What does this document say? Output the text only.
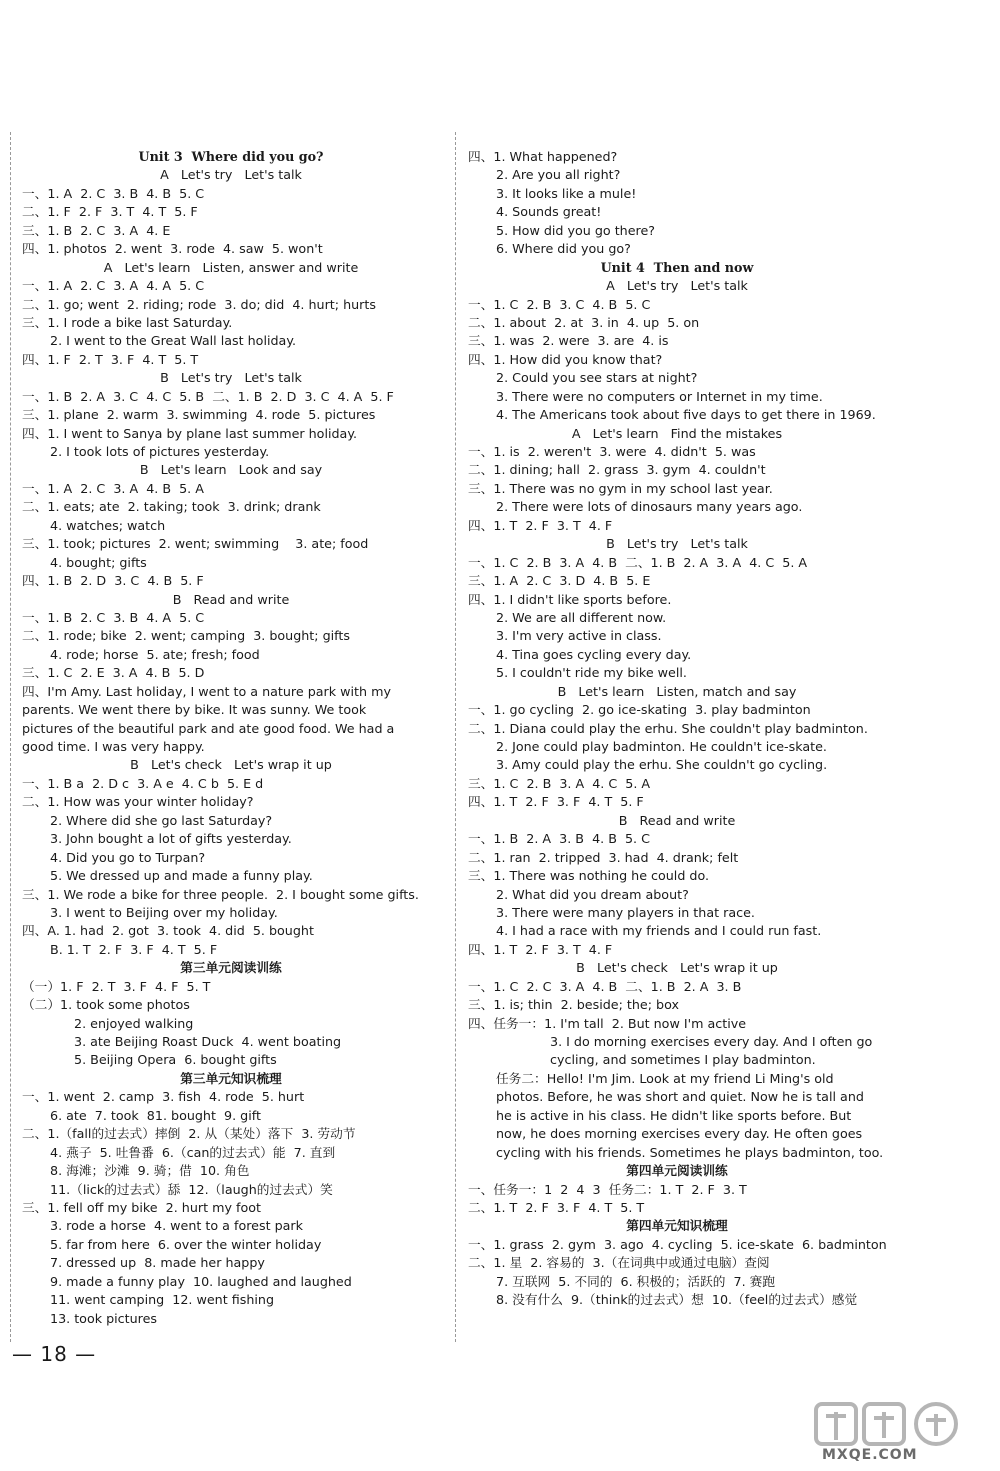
Unit 3  Where did you go?
A   Let's try   Let's talk
一、1. A  2. C  3. B  4. B  5. C
二、1. F  2. F  3. T  4. T  5. F
三、1. B  2. C  3. A  4. E
四、1. photos  2. went  3. rode  4. saw  5. won't
A   Let's learn   Listen, answer and write
一、1. A  2. C  3. A  4. A  5. C
二、1. go; went  2. riding; rode  3. do; did  4. hurt; hurts
三、1. I rode a bike last Saturday.
2. I went to the Great Wall last holiday.
四、1. F  2. T  3. F  4. T  5. T
B   Let's try   Let's talk
一、1. B  2. A  3. C  4. C  5. B  二、1. B  2. D  3. C  4. A  5. F
三、1. plane  2. warm  3. swimming  4. rode  5. pictures
四、1. I went to Sanya by plane last summer holiday.
2. I took lots of pictures yesterday.
B   Let's learn   Look and say
一、1. A  2. C  3. A  4. B  5. A
二、1. eats; ate  2. taking; took  3. drink; drank
4. watches; watch
三、1. took; pictures  2. went; swimming    3. ate; food
4. bought; gifts
四、1. B  2. D  3. C  4. B  5. F
B   Read and write
一、1. B  2. C  3. B  4. A  5. C
二、1. rode; bike  2. went; camping  3. bought; gifts
4. rode; horse  5. ate; fresh; food
三、1. C  2. E  3. A  4. B  5. D
四、I'm Amy. Last holiday, I went to a nature park with my
parents. We went there by bike. It was sunny. We took
pictures of the beautiful park and ate good food. We had a
good time. I was very happy.
B   Let's check   Let's wrap it up
一、1. B a  2. D c  3. A e  4. C b  5. E d
二、1. How was your winter holiday?
2. Where did she go last Saturday?
3. John bought a lot of gifts yesterday.
4. Did you go to Turpan?
5. We dressed up and made a funny play.
三、1. We rode a bike for three people.  2. I bought some gifts.
3. I went to Beijing over my holiday.
四、A. 1. had  2. got  3. took  4. did  5. bought
B. 1. T  2. F  3. F  4. T  5. F
第三单元阅读训练
（一）1. F  2. T  3. F  4. F  5. T
（二）1. took some photos
2. enjoyed walking
3. ate Beijing Roast Duck  4. went boating
5. Beijing Opera  6. bought gifts
第三单元知识梳理
一、1. went  2. camp  3. fish  4. rode  5. hurt
6. ate  7. took  81. bought  9. gift
二、1.（fall的过去式）摔倒  2. 从（某处）落下  3. 劳动节
4. 燕子  5. 吐鲁番  6.（can的过去式）能  7. 直到
8. 海滩；沙滩  9. 骑；借  10. 角色
11.（lick的过去式）舔  12.（laugh的过去式）笑
三、1. fell off my bike  2. hurt my foot
3. rode a horse  4. went to a forest park
5. far from here  6. over the winter holiday
7. dressed up  8. made her happy
9. made a funny play  10. laughed and laughed
11. went camping  12. went fishing
13. took pictures
四、1. What happened?
2. Are you all right?
3. It looks like a mule!
4. Sounds great!
5. How did you go there?
6. Where did you go?
Unit 4  Then and now
A   Let's try   Let's talk
一、1. C  2. B  3. C  4. B  5. C
二、1. about  2. at  3. in  4. up  5. on
三、1. was  2. were  3. are  4. is
四、1. How did you know that?
2. Could you see stars at night?
3. There were no computers or Internet in my time.
4. The Americans took about five days to get there in 1969.
A   Let's learn   Find the mistakes
一、1. is  2. weren't  3. were  4. didn't  5. was
二、1. dining; hall  2. grass  3. gym  4. couldn't
三、1. There was no gym in my school last year.
2. There were lots of dinosaurs many years ago.
四、1. T  2. F  3. T  4. F
B   Let's try   Let's talk
一、1. C  2. B  3. A  4. B  二、1. B  2. A  3. A  4. C  5. A
三、1. A  2. C  3. D  4. B  5. E
四、1. I didn't like sports before.
2. We are all different now.
3. I'm very active in class.
4. Tina goes cycling every day.
5. I couldn't ride my bike well.
B   Let's learn   Listen, match and say
一、1. go cycling  2. go ice-skating  3. play badminton
二、1. Diana could play the erhu. She couldn't play badminton.
2. Jone could play badminton. He couldn't ice-skate.
3. Amy could play the erhu. She couldn't go cycling.
三、1. C  2. B  3. A  4. C  5. A
四、1. T  2. F  3. F  4. T  5. F
B   Read and write
一、1. B  2. A  3. B  4. B  5. C
二、1. ran  2. tripped  3. had  4. drank; felt
三、1. There was nothing he could do.
2. What did you dream about?
3. There were many players in that race.
4. I had a race with my friends and I could run fast.
四、1. T  2. F  3. T  4. F
B   Let's check   Let's wrap it up
一、1. C  2. C  3. A  4. B  二、1. B  2. A  3. B
三、1. is; thin  2. beside; the; box
四、任务一：1. I'm tall  2. But now I'm active
3. I do morning exercises every day. And I often go
cycling, and sometimes I play badminton.
任务二：Hello! I'm Jim. Look at my friend Li Ming's old
photos. Before, he was short and quiet. Now he is tall and
he is active in his class. He didn't like sports before. But
now, he does morning exercises every day. He often goes
cycling with his friends. Sometimes he plays badminton, too.
第四单元阅读训练
一、任务一：1  2  4  3  任务二：1. T  2. F  3. T
二、1. T  2. F  3. F  4. T  5. T
第四单元知识梳理
一、1. grass  2. gym  3. ago  4. cycling  5. ice-skate  6. badminton
二、1. 星  2. 容易的  3.（在词典中或通过电脑）查阅
7. 互联网  5. 不同的  6. 积极的；活跃的  7. 赛跑
8. 没有什么  9.（think的过去式）想  10.（feel的过去式）感觉
— 18 —
MXQE.COM
